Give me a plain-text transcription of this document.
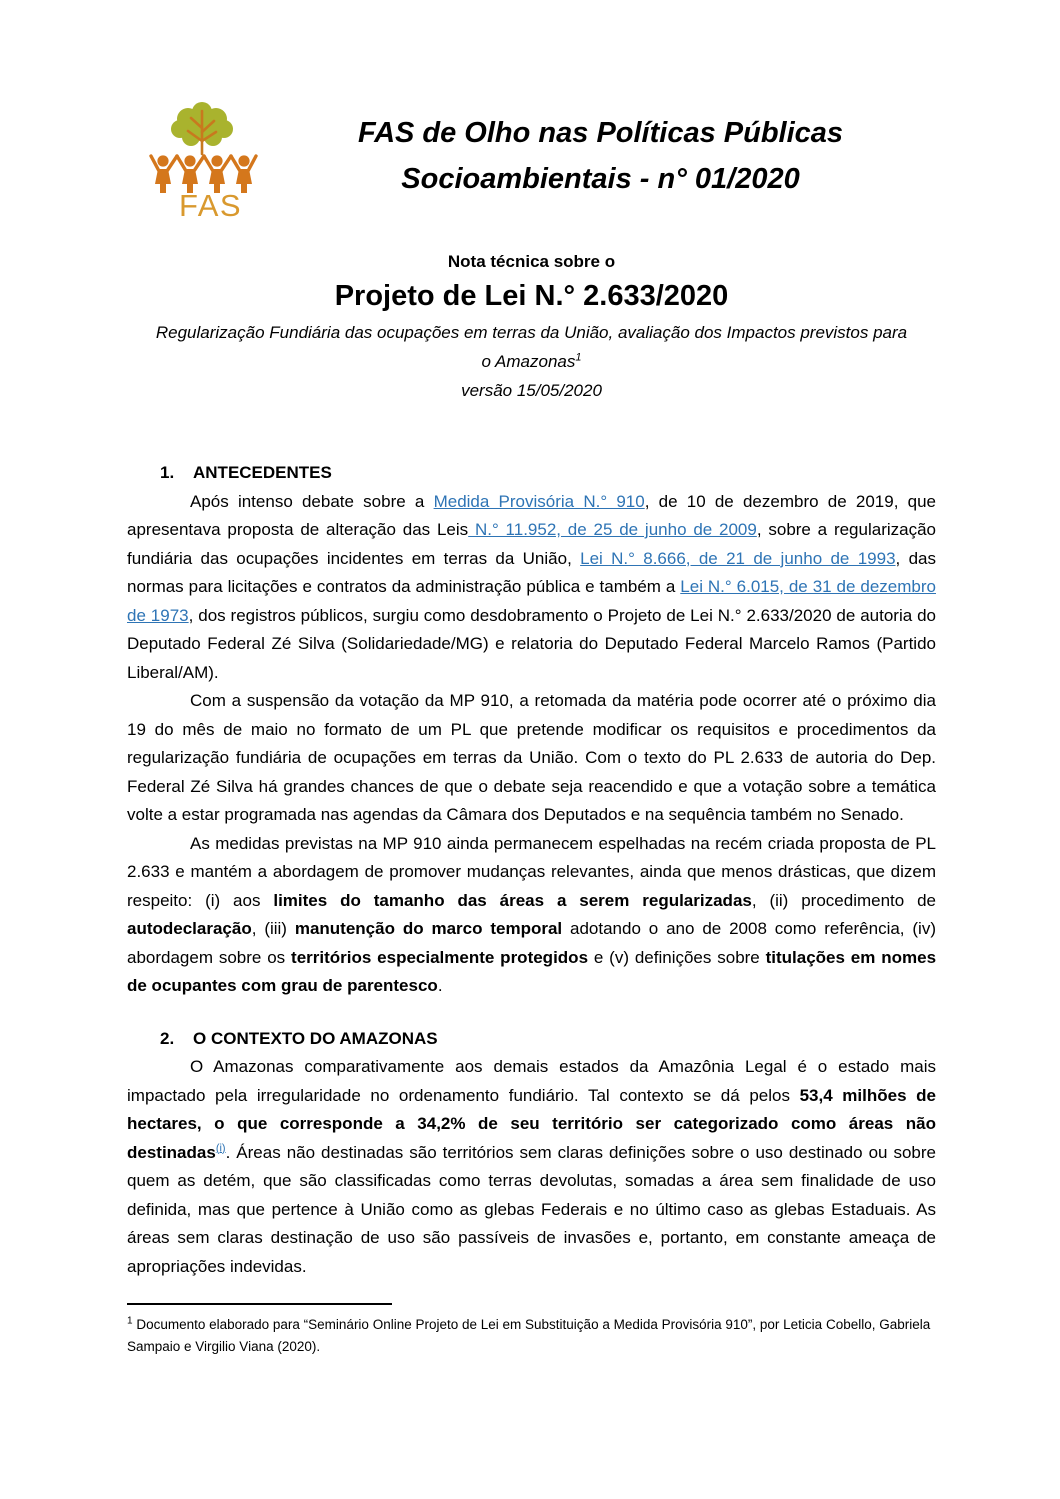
FAS
FAS de Olho nas Políticas Públicas
Socioambientais - n° 01/2020
Nota técnica sobre o
Projeto de Lei N.° 2.633/2020
Regularização Fundiária das ocupações em terras da União, avaliação dos Impactos previstos para o Amazonas$^1$
versão 15/05/2020
1.	ANTECEDENTES

Após intenso debate sobre a Medida Provisória N.° 910, de 10 de dezembro de 2019, que apresentava proposta de alteração das Leis N.° 11.952, de 25 de junho de 2009, sobre a regularização fundiária das ocupações incidentes em terras da União, Lei N.° 8.666, de 21 de junho de 1993, das normas para licitações e contratos da administração pública e também a Lei N.° 6.015, de 31 de dezembro de 1973, dos registros públicos, surgiu como desdobramento o Projeto de Lei N.° 2.633/2020 de autoria do Deputado Federal Zé Silva (Solidariedade/MG) e relatoria do Deputado Federal Marcelo Ramos (Partido Liberal/AM).

Com a suspensão da votação da MP 910, a retomada da matéria pode ocorrer até o próximo dia 19 do mês de maio no formato de um PL que pretende modificar os requisitos e procedimentos da regularização fundiária de ocupações em terras da União. Com o texto do PL 2.633 de autoria do Dep. Federal Zé Silva há grandes chances de que o debate seja reacendido e que a votação sobre a temática volte a estar programada nas agendas da Câmara dos Deputados e na sequência também no Senado.

As medidas previstas na MP 910 ainda permanecem espelhadas na recém criada proposta de PL 2.633 e mantém a abordagem de promover mudanças relevantes, ainda que menos drásticas, que dizem respeito: (i) aos limites do tamanho das áreas a serem regularizadas, (ii) procedimento de autodeclaração, (iii) manutenção do marco temporal adotando o ano de 2008 como referência, (iv) abordagem sobre os territórios especialmente protegidos e (v) definições sobre titulações em nomes de ocupantes com grau de parentesco.

2.	O CONTEXTO DO AMAZONAS

O Amazonas comparativamente aos demais estados da Amazônia Legal é o estado mais impactado pela irregularidade no ordenamento fundiário. Tal contexto se dá pelos 53,4 milhões de hectares, o que corresponde a 34,2% de seu território ser categorizado como áreas não destinadas$^{(i)}$. Áreas não destinadas são territórios sem claras definições sobre o uso destinado ou sobre quem as detém, que são classificadas como terras devolutas, somadas a área sem finalidade de uso definida, mas que pertence à União como as glebas Federais e no último caso as glebas Estaduais. As áreas sem claras destinação de uso são passíveis de invasões e, portanto, em constante ameaça de apropriações indevidas.

$^1$ Documento elaborado para “Seminário Online Projeto de Lei em Substituição a Medida Provisória 910”, por Leticia Cobello, Gabriela Sampaio e Virgilio Viana (2020).
